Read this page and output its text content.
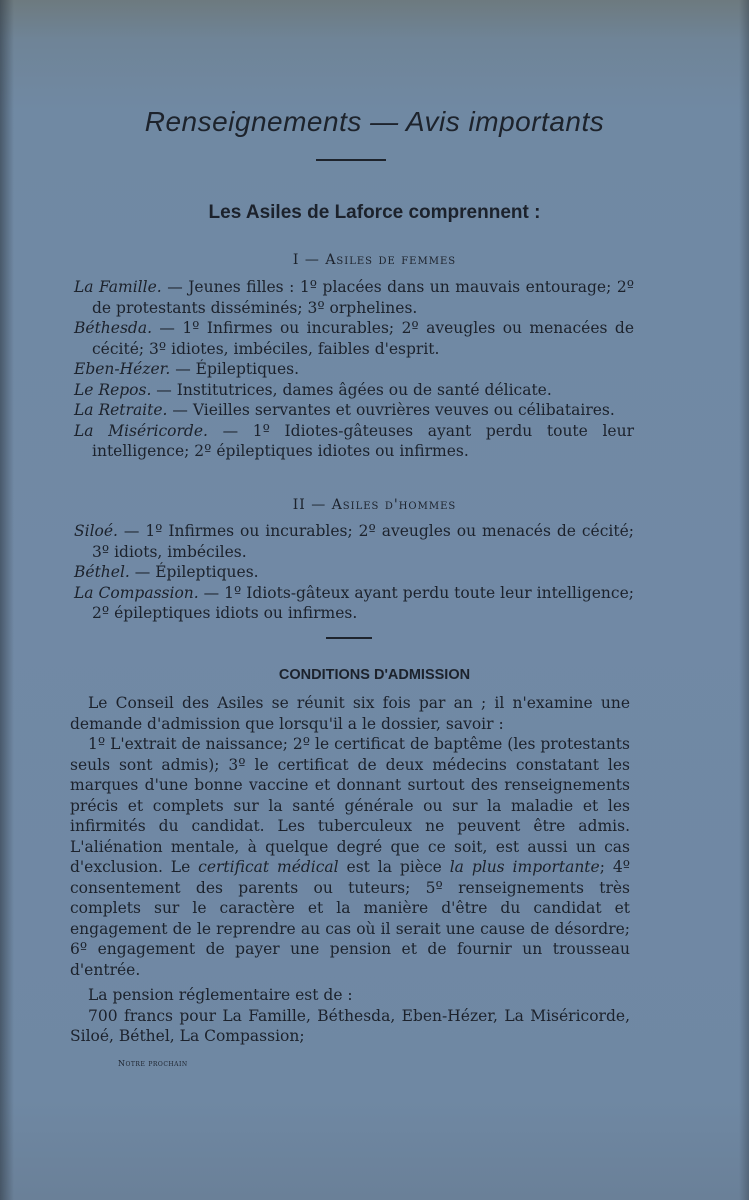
Renseignements — Avis importants
Les Asiles de Laforce comprennent :
I — Asiles de femmes

La Famille. — Jeunes filles : 1º placées dans un mauvais entourage; 2º de protestants disséminés; 3º orphelines.

Béthesda. — 1º Infirmes ou incurables; 2º aveugles ou menacées de cécité; 3º idiotes, imbéciles, faibles d'esprit.

Eben-Hézer. — Épileptiques.

Le Repos. — Institutrices, dames âgées ou de santé délicate.

La Retraite. — Vieilles servantes et ouvrières veuves ou célibataires.

La Miséricorde. — 1º Idiotes-gâteuses ayant perdu toute leur intelligence; 2º épileptiques idiotes ou infirmes.

II — Asiles d'hommes

Siloé. — 1º Infirmes ou incurables; 2º aveugles ou menacés de cécité; 3º idiots, imbéciles.

Béthel. — Épileptiques.

La Compassion. — 1º Idiots-gâteux ayant perdu toute leur intelligence; 2º épileptiques idiots ou infirmes.

CONDITIONS D'ADMISSION

Le Conseil des Asiles se réunit six fois par an ; il n'examine une demande d'admission que lorsqu'il a le dossier, savoir :

1º L'extrait de naissance; 2º le certificat de baptême (les protestants seuls sont admis); 3º le certificat de deux médecins constatant les marques d'une bonne vaccine et donnant surtout des renseignements précis et complets sur la santé générale ou sur la maladie et les infirmités du candidat. Les tuberculeux ne peuvent être admis. L'aliénation mentale, à quelque degré que ce soit, est aussi un cas d'exclusion. Le certificat médical est la pièce la plus importante; 4º consentement des parents ou tuteurs; 5º renseignements très complets sur le caractère et la manière d'être du candidat et engagement de le reprendre au cas où il serait une cause de désordre; 6º engagement de payer une pension et de fournir un trousseau d'entrée.

La pension réglementaire est de :

700 francs pour La Famille, Béthesda, Eben-Hézer, La Miséricorde, Siloé, Béthel, La Compassion;

Notre prochain
